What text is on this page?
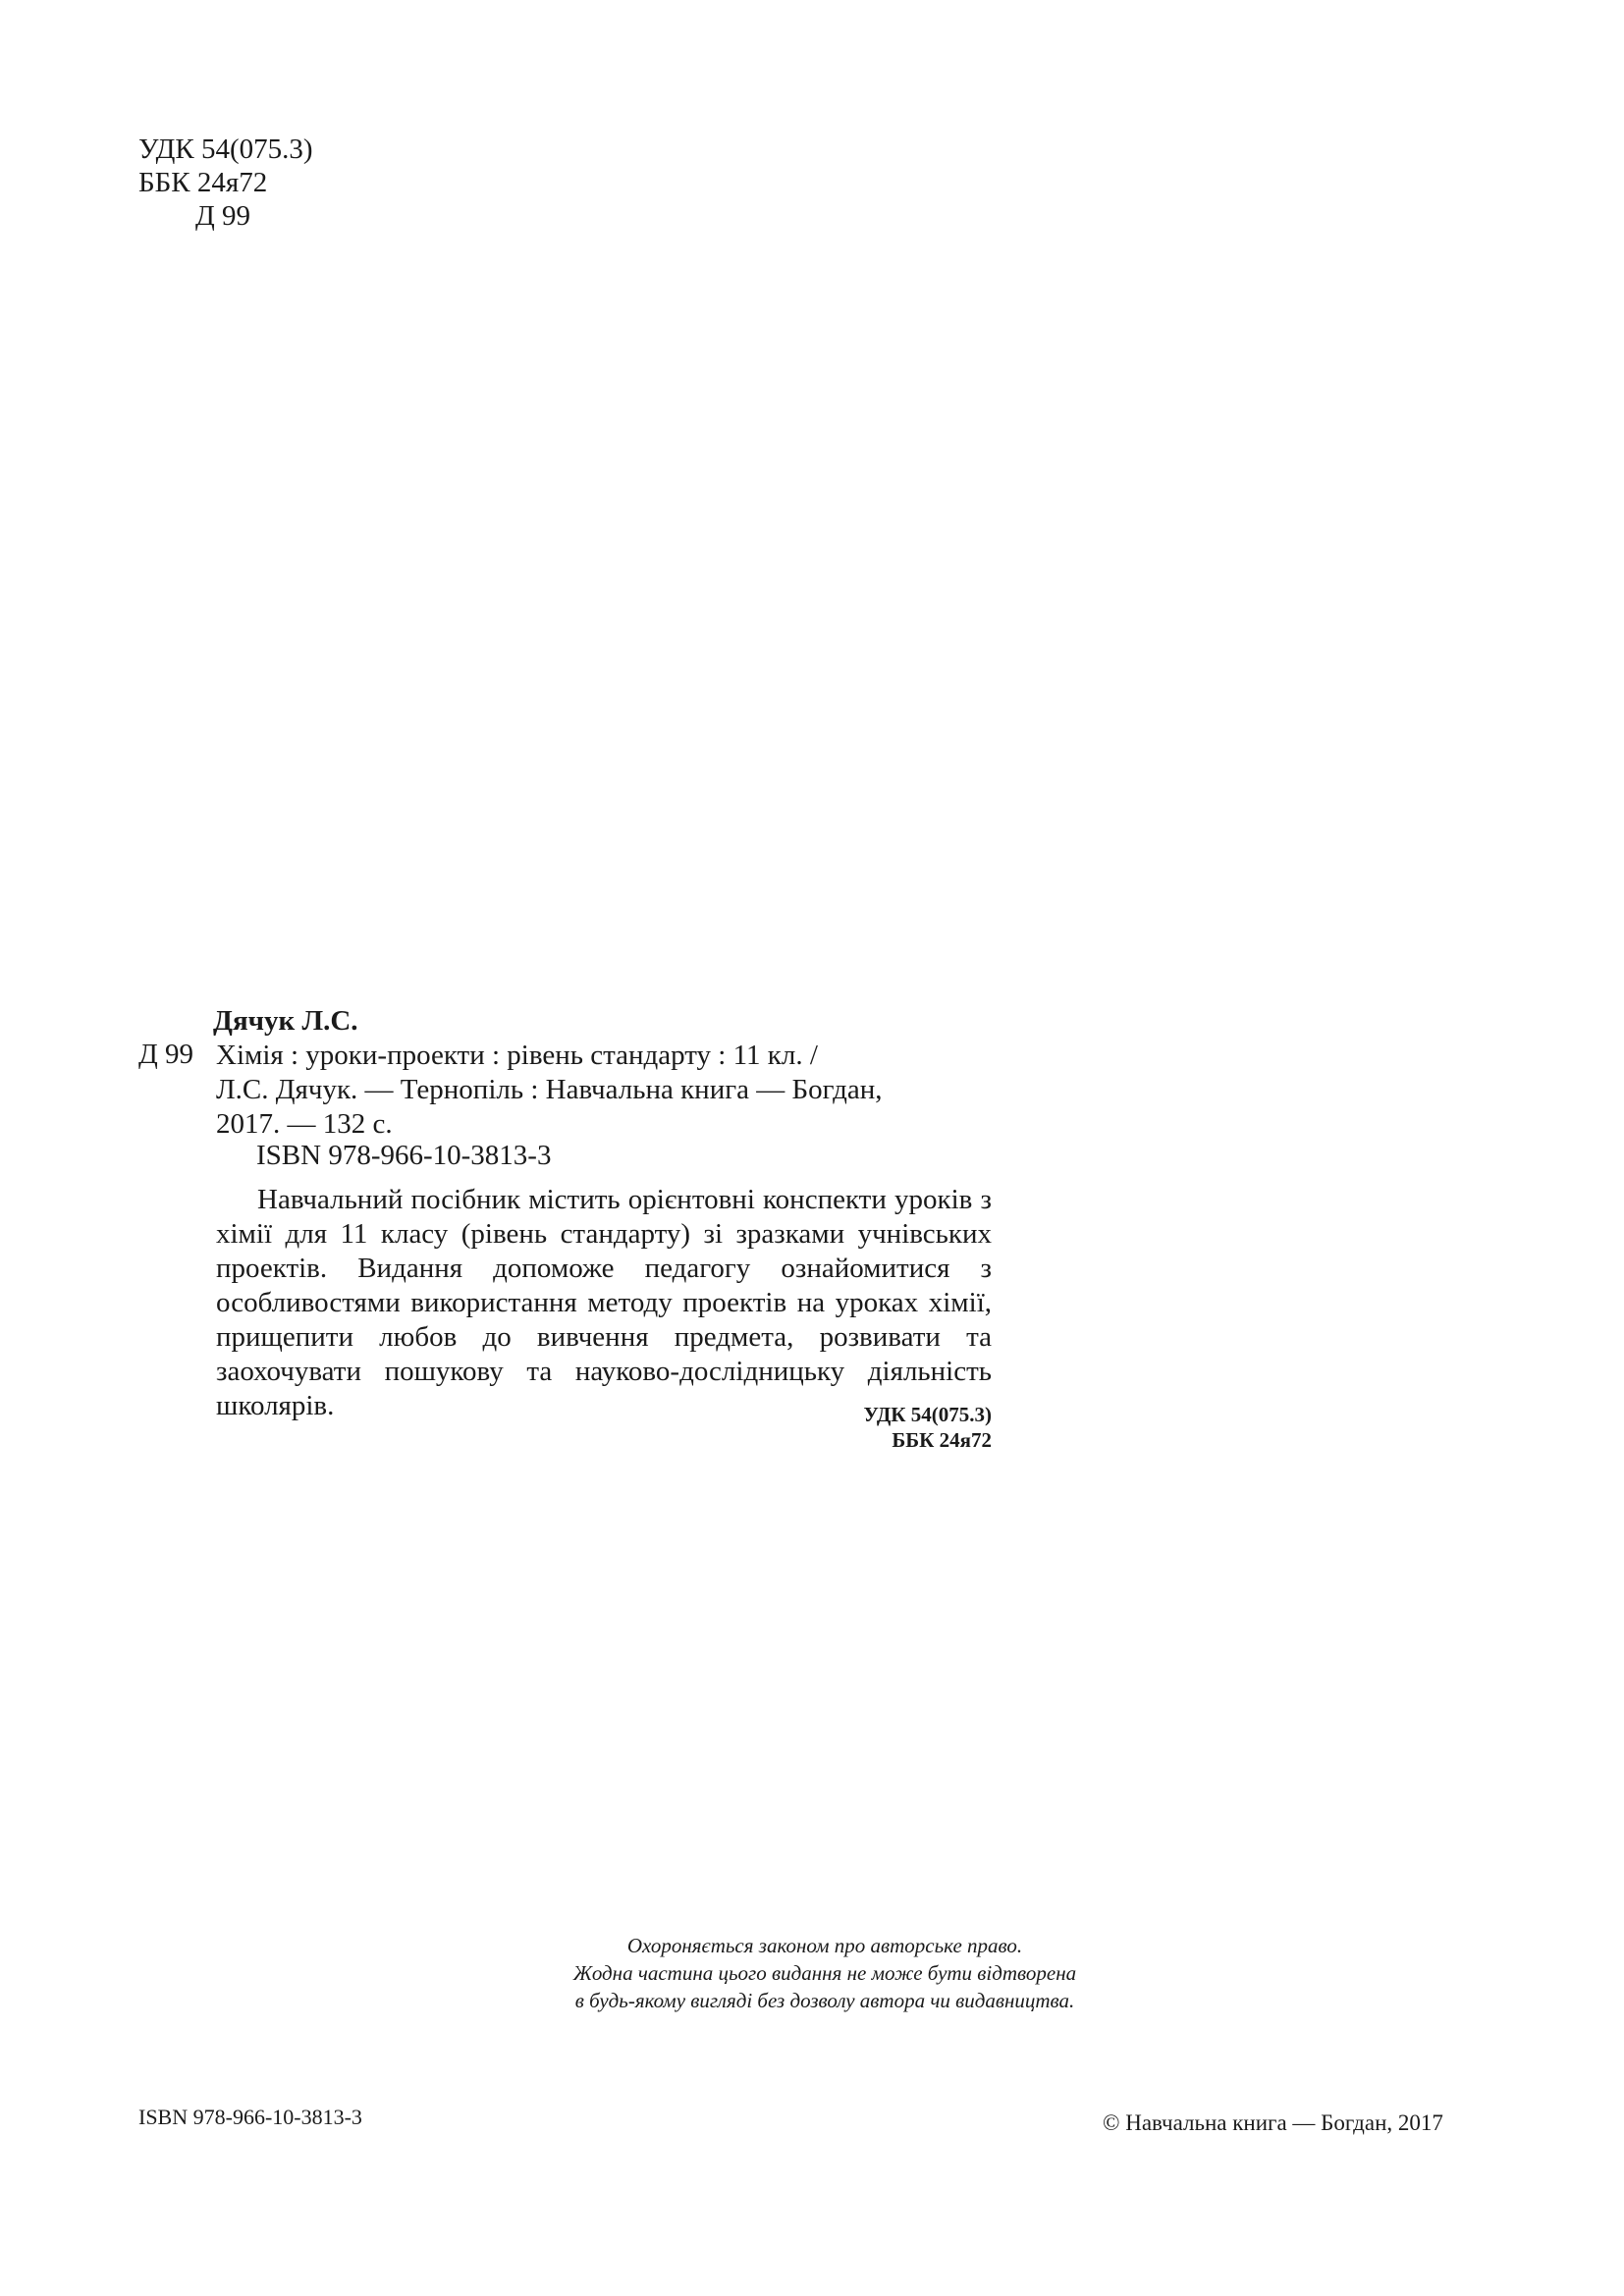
УДК 54(075.3)
ББК 24я72
Д 99
Дячук Л.С.
Д 99 Хімія : уроки-проекти : рівень стандарту : 11 кл. /
Л.С. Дячук. — Тернопіль : Навчальна книга — Богдан,
2017. — 132 с.
ISBN 978-966-10-3813-3

Навчальний посібник містить орієнтовні конспекти уроків з хімії для 11 класу (рівень стандарту) зі зразками учнівських проектів. Видання допоможе педагогу ознайомитися з особливостями використання методу проектів на уроках хімії, прищепити любов до вивчення предмета, розвивати та заохочувати пошукову та науково-дослідницьку діяльність школярів.	УДК 54(075.3)
ББК 24я72
Охороняється законом про авторське право.
Жодна частина цього видання не може бути відтворена
в будь-якому вигляді без дозволу автора чи видавництва.
ISBN 978-966-10-3813-3	© Навчальна книга — Богдан, 2017
